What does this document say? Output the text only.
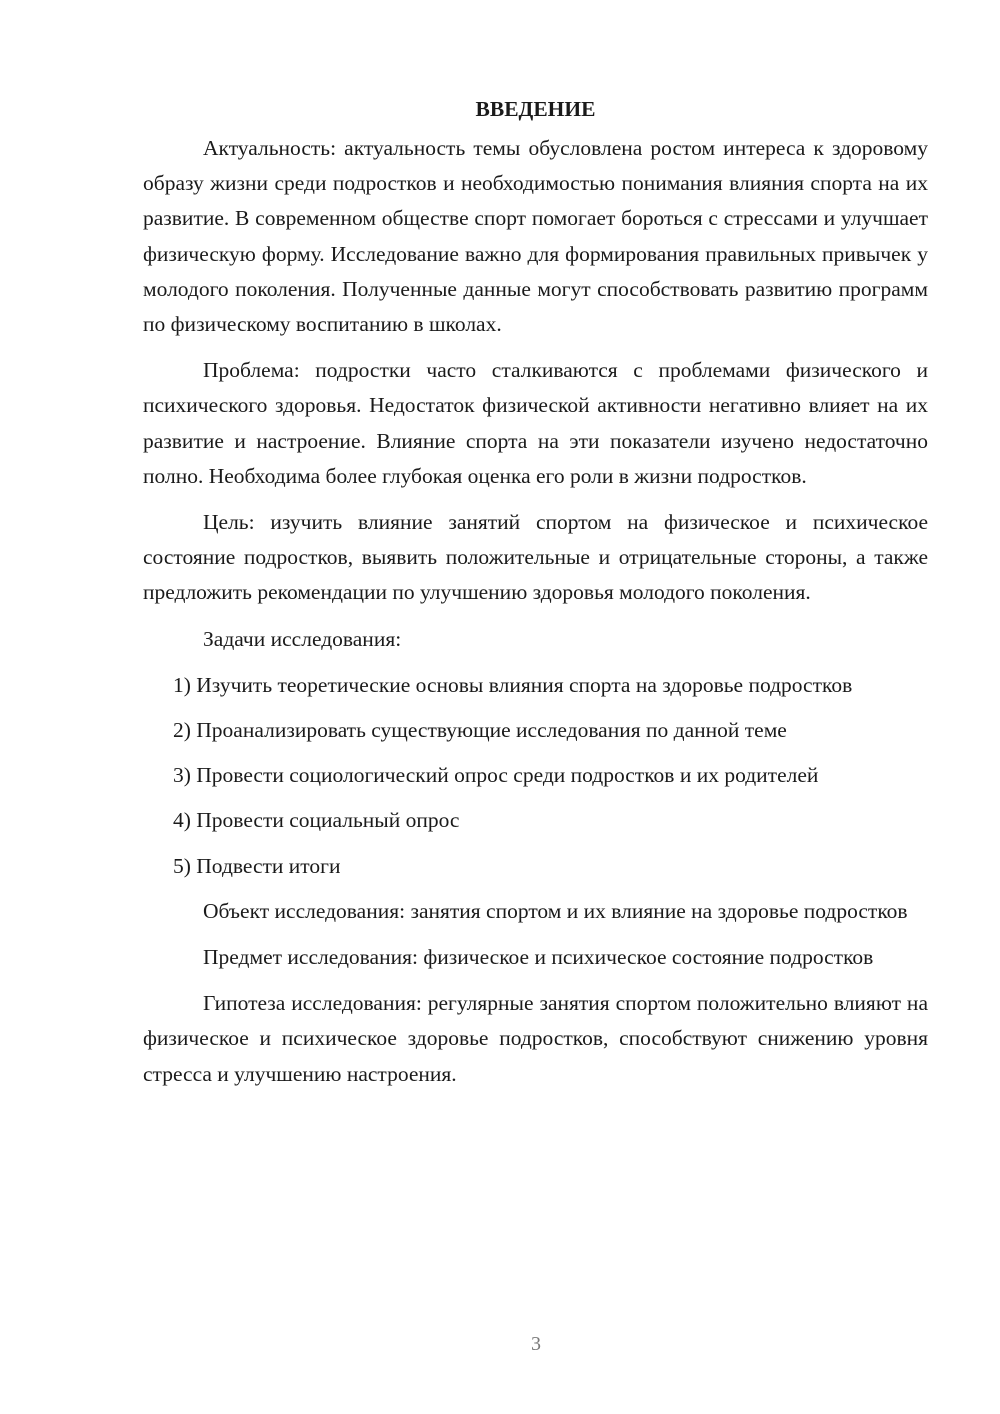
ВВЕДЕНИЕ

Актуальность: актуальность темы обусловлена ростом интереса к здоровому образу жизни среди подростков и необходимостью понимания влияния спорта на их развитие. В современном обществе спорт помогает бороться с стрессами и улучшает физическую форму. Исследование важно для формирования правильных привычек у молодого поколения. Полученные данные могут способствовать развитию программ по физическому воспитанию в школах.

Проблема: подростки часто сталкиваются с проблемами физического и психического здоровья. Недостаток физической активности негативно влияет на их развитие и настроение. Влияние спорта на эти показатели изучено недостаточно полно. Необходима более глубокая оценка его роли в жизни подростков.

Цель: изучить влияние занятий спортом на физическое и психическое состояние подростков, выявить положительные и отрицательные стороны, а также предложить рекомендации по улучшению здоровья молодого поколения.

Задачи исследования:

1) Изучить теоретические основы влияния спорта на здоровье подростков

2) Проанализировать существующие исследования по данной теме

3) Провести социологический опрос среди подростков и их родителей

4) Провести социальный опрос

5) Подвести итоги

Объект исследования: занятия спортом и их влияние на здоровье подростков

Предмет исследования: физическое и психическое состояние подростков

Гипотеза исследования: регулярные занятия спортом положительно влияют на физическое и психическое здоровье подростков, способствуют снижению уровня стресса и улучшению настроения.

3
